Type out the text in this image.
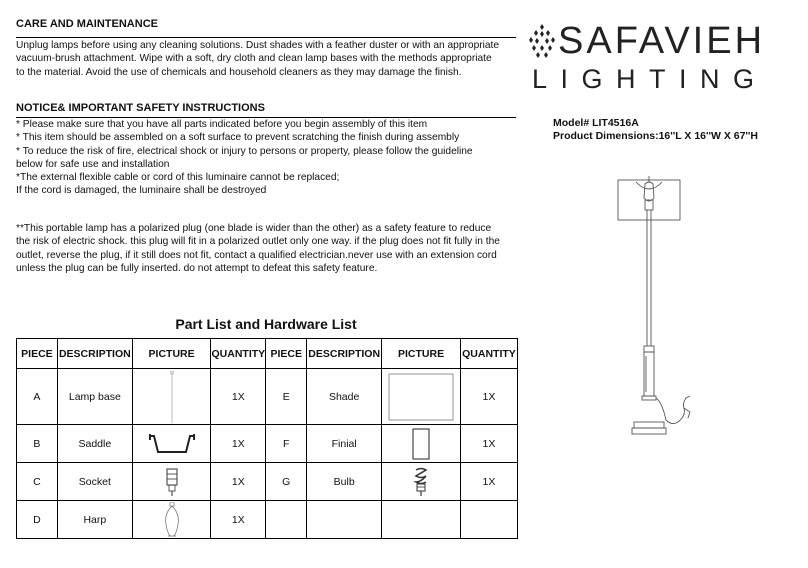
CARE AND MAINTENANCE

Unplug lamps before using any cleaning solutions. Dust shades with a feather duster or with an appropriate

vacuum-brush attachment. Wipe with a soft, dry cloth and clean lamp bases with the methods appropriate

to the material. Avoid the use of chemicals and household cleaners as they may damage the finish.

NOTICE& IMPORTANT SAFETY INSTRUCTIONS

* Please make sure that you have all parts indicated before you begin assembly of this item

* This item should be assembled on a soft surface to prevent scratching the finish during assembly

* To reduce the risk of fire, electrical shock or injury to persons or property, please follow the guideline

below for safe use and installation

*The external flexible cable or cord of this luminaire cannot be replaced;

If the cord is damaged, the luminaire shall be destroyed

**This portable lamp has a polarized plug (one blade is wider than the other) as a safety feature to reduce

the risk of electric shock. this plug will fit in a polarized outlet only one way. if the plug does not fit fully in the

outlet, reverse the plug, if it still does not fit, contact a qualified electrician.never use with an extension cord

unless the plug can be fully inserted. do not attempt to defeat this safety feature.

SAFAVIEH
LIGHTING
Model# LIT4516A
Product Dimensions:16''L X 16''W X 67''H
Part List and Hardware List
PIECE	DESCRIPTION	PICTURE	QUANTITY	PIECE	DESCRIPTION	PICTURE	QUANTITY
A	Lamp base		1X	E	Shade		1X
B	Saddle		1X	F	Finial		1X
C	Socket		1X	G	Bulb		1X
D	Harp		1X				
